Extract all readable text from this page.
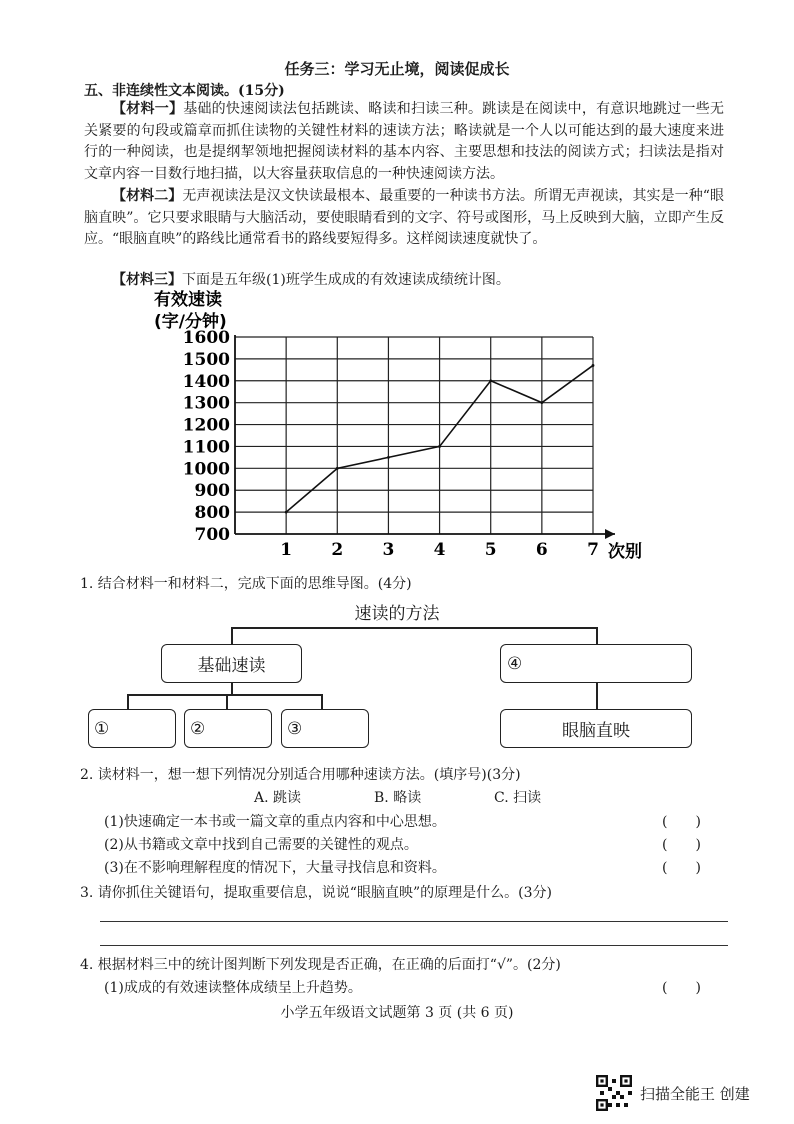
任务三：学习无止境，阅读促成长
五、非连续性文本阅读。(15分)
【材料一】基础的快速阅读法包括跳读、略读和扫读三种。跳读是在阅读中，有意识地跳过一些无关紧要的句段或篇章而抓住读物的关键性材料的速读方法；略读就是一个人以可能达到的最大速度来进行的一种阅读，也是提纲挈领地把握阅读材料的基本内容、主要思想和技法的阅读方式；扫读法是指对文章内容一目数行地扫描，以大容量获取信息的一种快速阅读方法。
【材料二】无声视读法是汉文快读最根本、最重要的一种读书方法。所谓无声视读，其实是一种“眼脑直映”。它只要求眼睛与大脑活动，要使眼睛看到的文字、符号或图形，马上反映到大脑，立即产生反应。“眼脑直映”的路线比通常看书的路线要短得多。这样阅读速度就快了。
【材料三】下面是五年级(1)班学生成成的有效速读成绩统计图。
有效速读
(字/分钟)
700
800
900
1000
1100
1200
1300
1400
1500
1600
1 2 3 4 5 6 7 次别
1. 结合材料一和材料二，完成下面的思维导图。(4分)
速读的方法
基础速读	④
①	②	③	眼脑直映
2. 读材料一，想一想下列情况分别适合用哪种速读方法。(填序号)(3分)
A. 跳读	B. 略读	C. 扫读
(1)快速确定一本书或一篇文章的重点内容和中心思想。	(　　)
(2)从书籍或文章中找到自己需要的关键性的观点。	(　　)
(3)在不影响理解程度的情况下，大量寻找信息和资料。	(　　)
3. 请你抓住关键语句，提取重要信息，说说“眼脑直映”的原理是什么。(3分)
4. 根据材料三中的统计图判断下列发现是否正确，在正确的后面打“√”。(2分)
(1)成成的有效速读整体成绩呈上升趋势。	(　　)
小学五年级语文试题第 3 页 (共 6 页)
扫描全能王 创建
